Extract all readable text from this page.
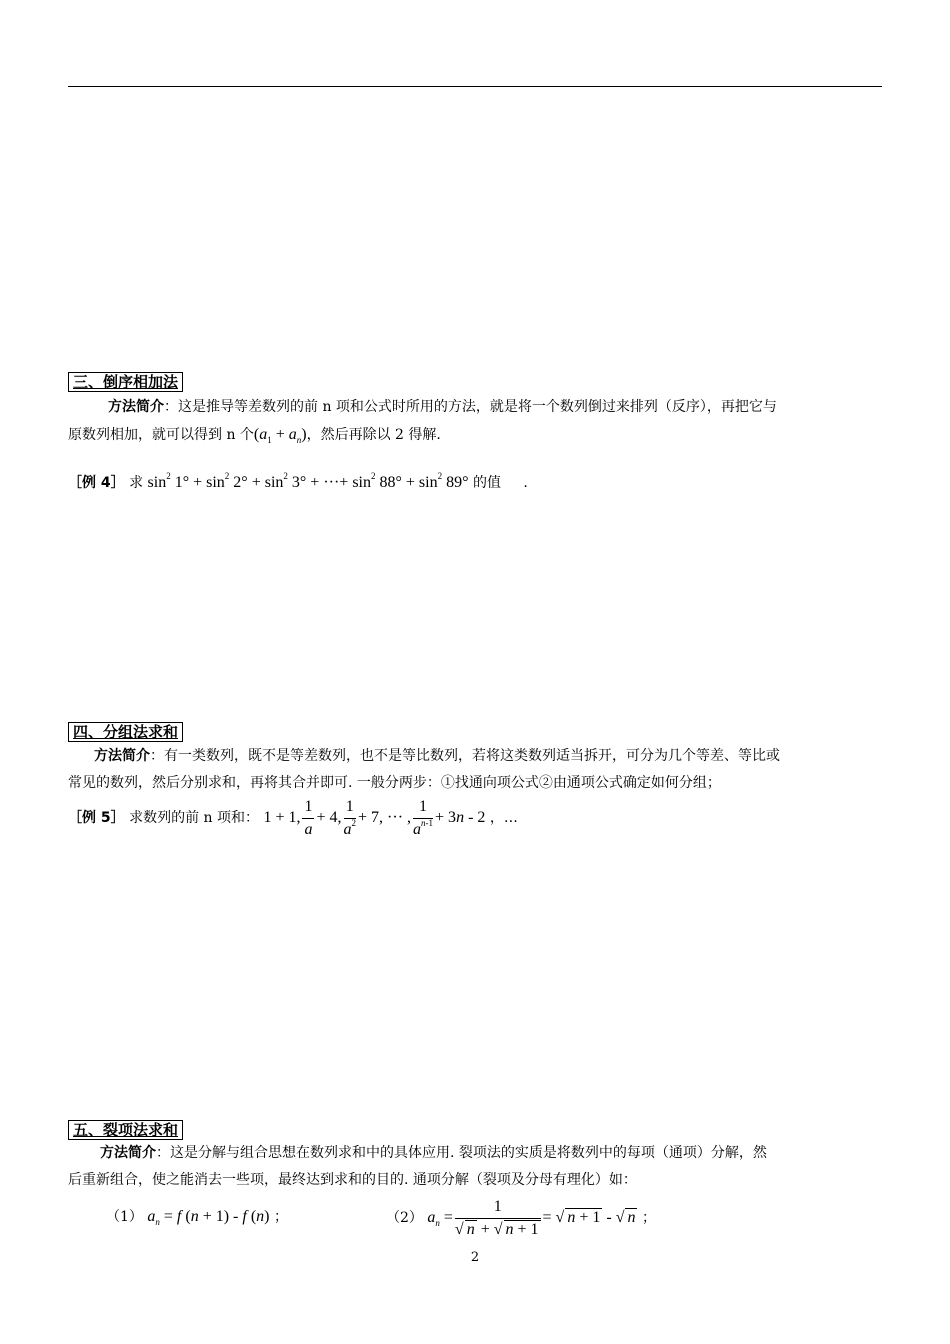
三、倒序相加法
方法简介：这是推导等差数列的前 n 项和公式时所用的方法，就是将一个数列倒过来排列（反序），再把它与
原数列相加，就可以得到 n 个$(a_1 + a_n)$，然后再除以 2 得解.
［例 4］ 求 $\sin^2 1^\circ + \sin^2 2^\circ + \sin^2 3^\circ$ + ···+ $\sin^2 88^\circ + \sin^2 89^\circ$ 的值 .
四、分组法求和
方法简介：有一类数列，既不是等差数列，也不是等比数列，若将这类数列适当拆开，可分为几个等差、等比或
常见的数列，然后分别求和，再将其合并即可. 一般分两步：①找通向项公式②由通项公式确定如何分组；
［例 5］ 求数列的前 n 项和： 1 + 1, $\frac{1}{a} + 4$, $\frac{1}{a^2} + 7$, ··· , $\frac{1}{a^{n-1}} + 3n - 2$ ，…
五、裂项法求和
方法简介：这是分解与组合思想在数列求和中的具体应用. 裂项法的实质是将数列中的每项（通项）分解，然
后重新组合，使之能消去一些项，最终达到求和的目的. 通项分解（裂项及分母有理化）如：
（1） $a_n = f$ (n + 1) - f (n) ；	（2） $a_n = \frac{1}{√ n + √ n + 1}$ = √ n + 1 - √ n ；
2
